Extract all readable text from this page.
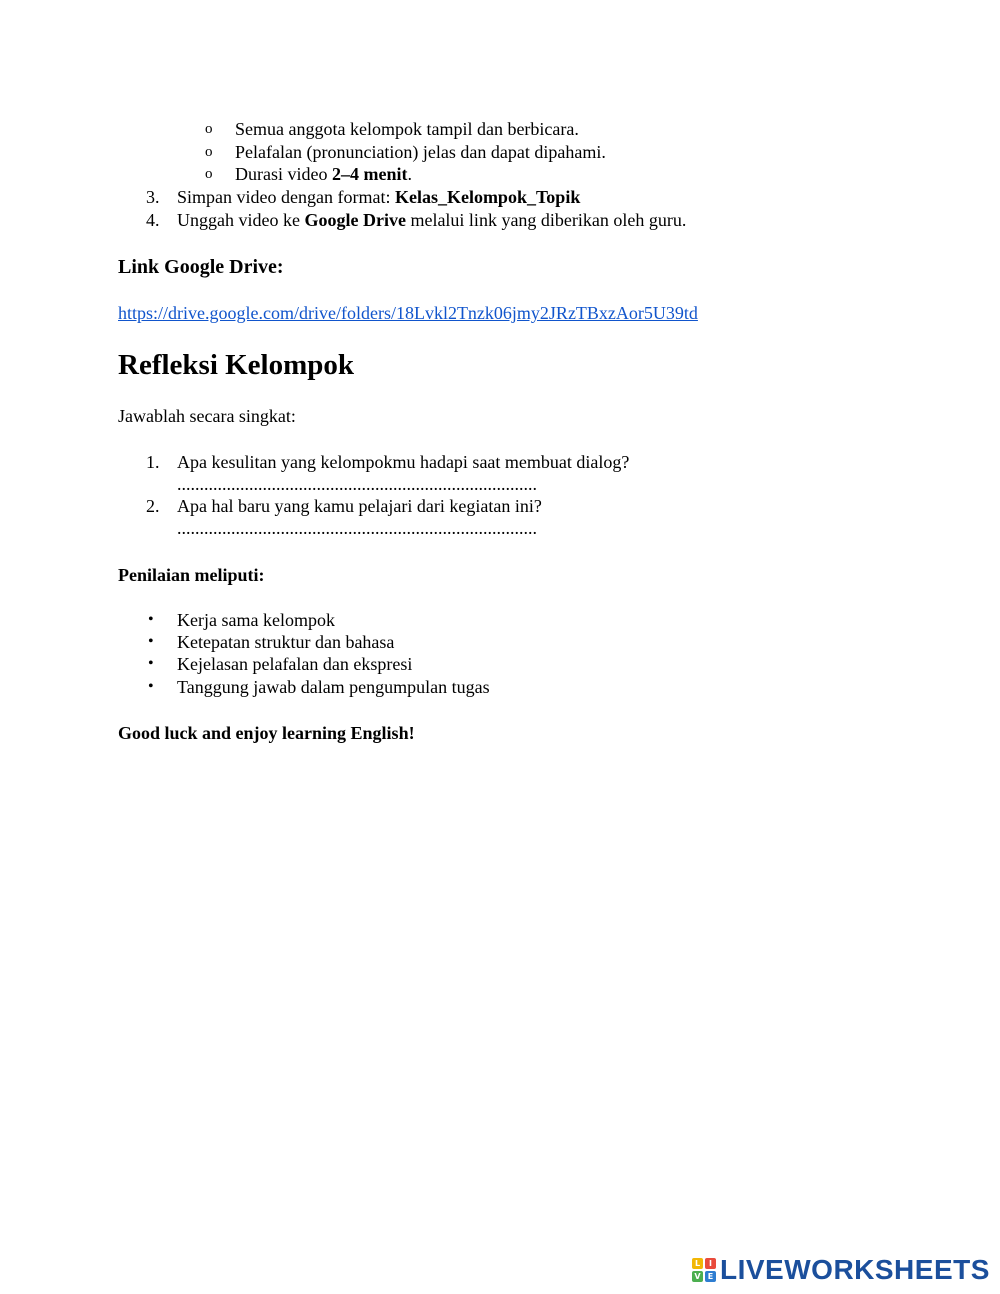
o Semua anggota kelompok tampil dan berbicara.
o Pelafalan (pronunciation) jelas dan dapat dipahami.
o Durasi video 2–4 menit.
3. Simpan video dengan format: Kelas_Kelompok_Topik
4. Unggah video ke Google Drive melalui link yang diberikan oleh guru.
Link Google Drive:
https://drive.google.com/drive/folders/18Lvkl2Tnzk06jmy2JRzTBxzAor5U39td
Refleksi Kelompok
Jawablah secara singkat:
1. Apa kesulitan yang kelompokmu hadapi saat membuat dialog?
................................................................................
2. Apa hal baru yang kamu pelajari dari kegiatan ini?
................................................................................
Penilaian meliputi:
• Kerja sama kelompok
• Ketepatan struktur dan bahasa
• Kejelasan pelafalan dan ekspresi
• Tanggung jawab dalam pengumpulan tugas
Good luck and enjoy learning English!
L	I
V E LIVEWORKSHEETS
